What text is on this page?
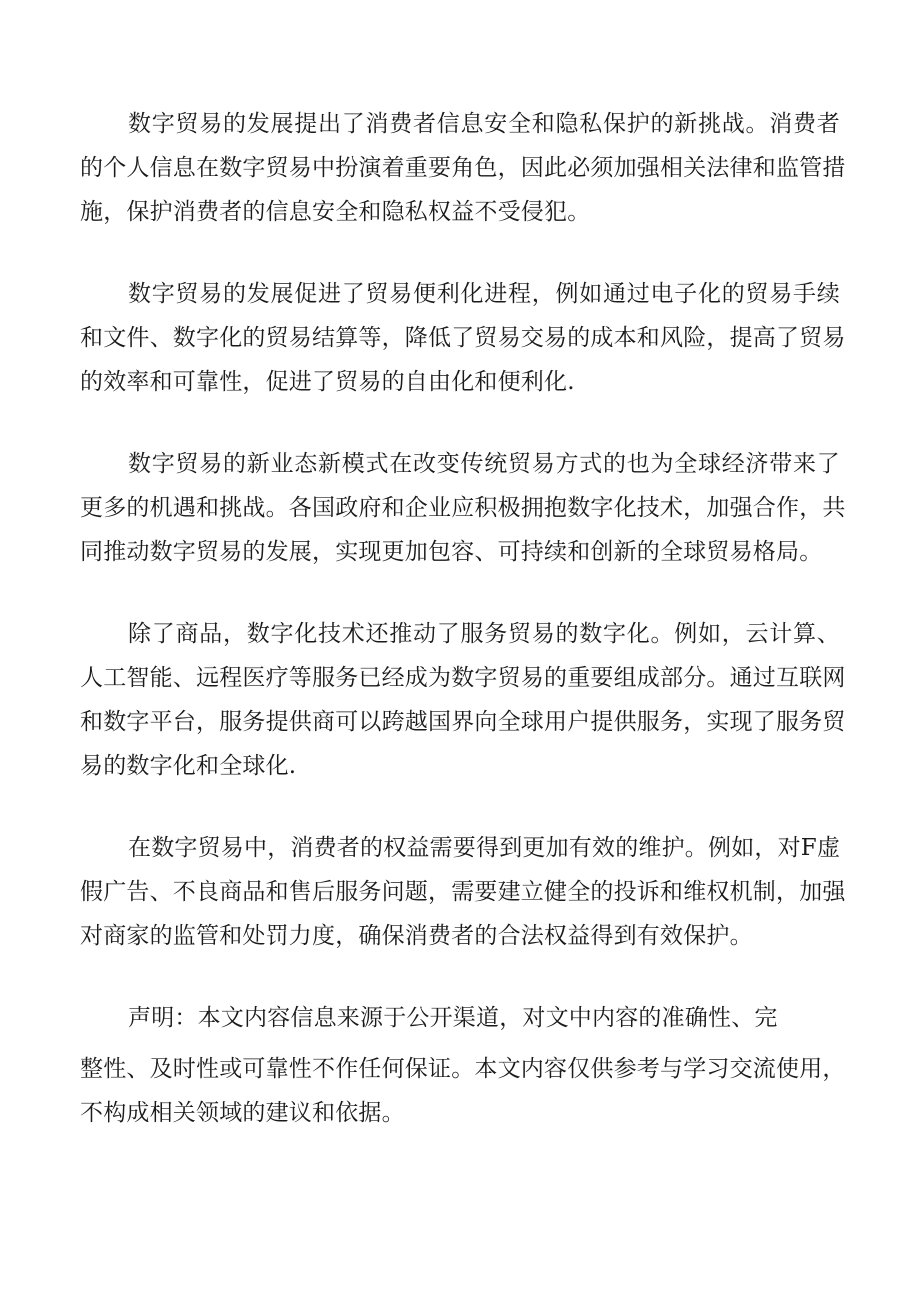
数字贸易的发展提出了消费者信息安全和隐私保护的新挑战。消费者
的个人信息在数字贸易中扮演着重要角色，因此必须加强相关法律和监管措
施，保护消费者的信息安全和隐私权益不受侵犯。

数字贸易的发展促进了贸易便利化进程，例如通过电子化的贸易手续
和文件、数字化的贸易结算等，降低了贸易交易的成本和风险，提高了贸易
的效率和可靠性，促进了贸易的自由化和便利化.

数字贸易的新业态新模式在改变传统贸易方式的也为全球经济带来了
更多的机遇和挑战。各国政府和企业应积极拥抱数字化技术，加强合作，共
同推动数字贸易的发展，实现更加包容、可持续和创新的全球贸易格局。

除了商品，数字化技术还推动了服务贸易的数字化。例如，云计算、
人工智能、远程医疗等服务已经成为数字贸易的重要组成部分。通过互联网
和数字平台，服务提供商可以跨越国界向全球用户提供服务，实现了服务贸
易的数字化和全球化.

在数字贸易中，消费者的权益需要得到更加有效的维护。例如，对F虚
假广告、不良商品和售后服务问题，需要建立健全的投诉和维权机制，加强
对商家的监管和处罚力度，确保消费者的合法权益得到有效保护。

声明：本文内容信息来源于公开渠道，对文中内容的准确性、完
整性、及时性或可靠性不作任何保证。本文内容仅供参考与学习交流使用，
不构成相关领域的建议和依据。
